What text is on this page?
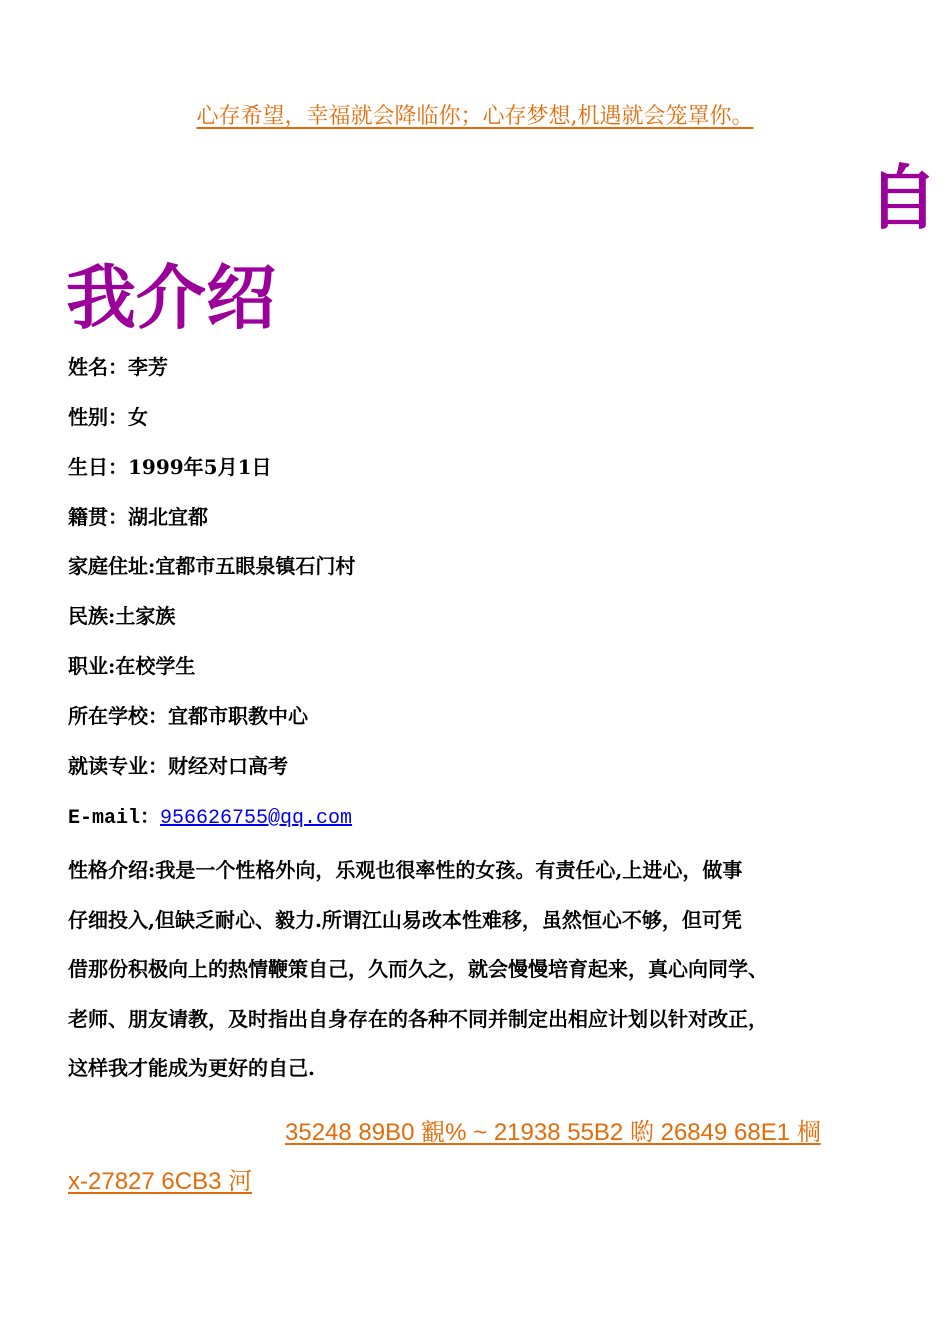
心存希望，幸福就会降临你；心存梦想,机遇就会笼罩你。
自
我介绍
姓名：李芳
性别：女
生日：1999年5月1日
籍贯：湖北宜都
家庭住址:宜都市五眼泉镇石门村
民族:土家族
职业:在校学生
所在学校：宜都市职教中心
就读专业：财经对口高考
E-mail：956626755@qq.com
性格介绍:我是一个性格外向，乐观也很率性的女孩。有责任心,上进心，做事
仔细投入,但缺乏耐心、毅力.所谓江山易改本性难移，虽然恒心不够，但可凭
借那份积极向上的热情鞭策自己，久而久之，就会慢慢培育起来，真心向同学、
老师、朋友请教，及时指出自身存在的各种不同并制定出相应计划以针对改正，
这样我才能成为更好的自己.
35248 89B0 覾% ~ 21938 55B2 喲 26849 68E1 棡
x-27827 6CB3 河
